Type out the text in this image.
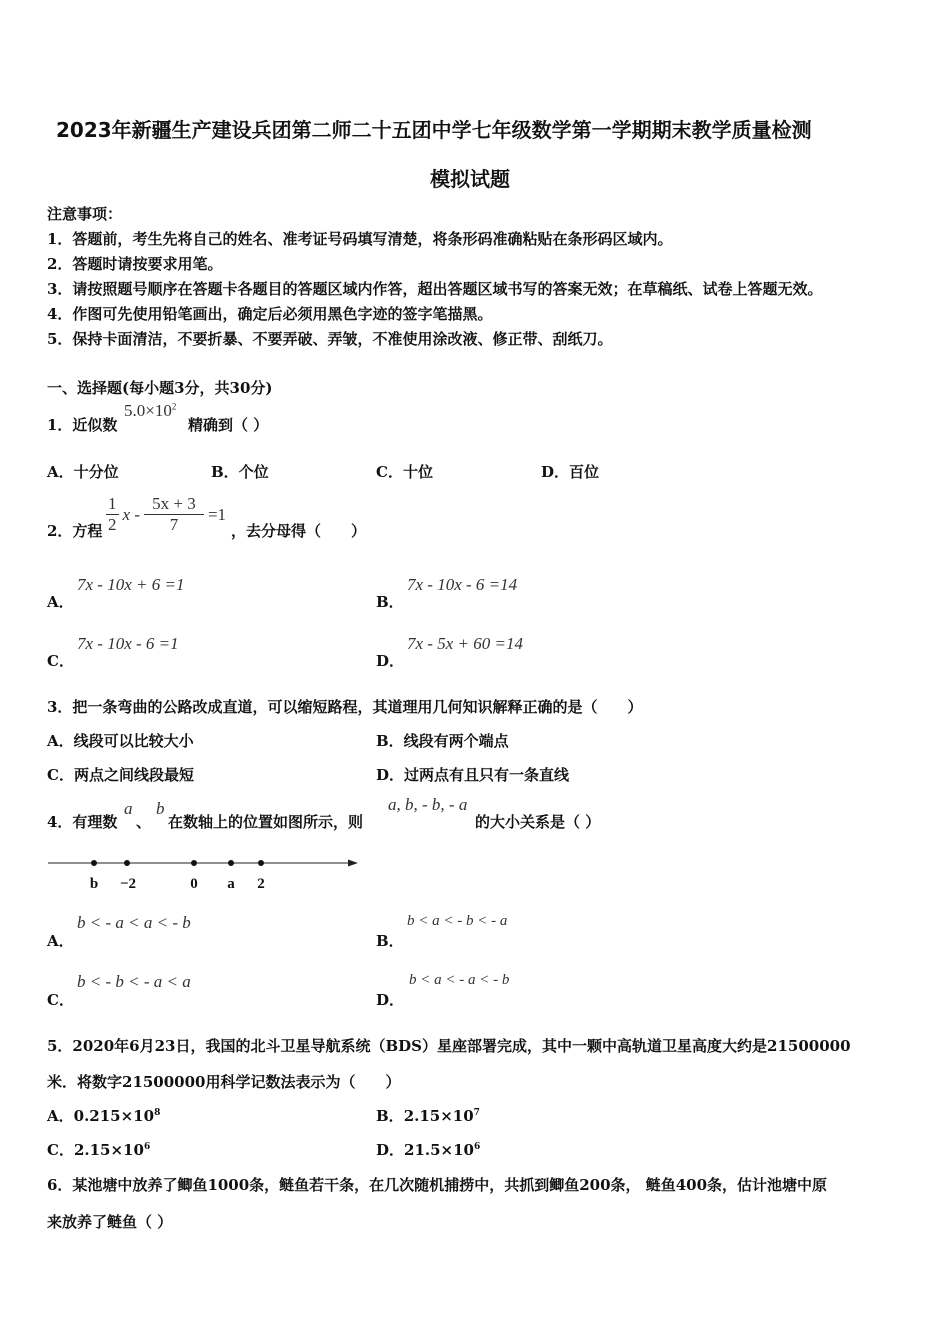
2023年新疆生产建设兵团第二师二十五团中学七年级数学第一学期期末教学质量检测
模拟试题
注意事项：
1．答题前，考生先将自己的姓名、准考证号码填写清楚，将条形码准确粘贴在条形码区域内。
2．答题时请按要求用笔。
3．请按照题号顺序在答题卡各题目的答题区域内作答，超出答题区域书写的答案无效；在草稿纸、试卷上答题无效。
4．作图可先使用铅笔画出，确定后必须用黑色字迹的签字笔描黑。
5．保持卡面清洁，不要折暴、不要弄破、弄皱，不准使用涂改液、修正带、刮纸刀。
一、选择题(每小题3分，共30分)
1．近似数
$5.0\times 10^2$
精确到（ ）
A．十分位	B．个位	C．十位	D．百位
2．方程 $\frac{1}{2}$ $x - \frac{5x + 3}{7} =1$
，去分母得（　　）
A．
7x - 10x + 6 =1
B．
7x - 10x - 6 =14
C．
7x - 10x - 6 =1
D．
7x - 5x + 60 =14
3．把一条弯曲的公路改成直道，可以缩短路程，其道理用几何知识解释正确的是（　　）
A．线段可以比较大小	B．线段有两个端点
C．两点之间线段最短	D．过两点有且只有一条直线
4．有理数
a
、
b
在数轴上的位置如图所示，则
a, b, - b, - a
的大小关系是（ ）
b −2	0 a 2
A．
b < - a < a < - b
B．
b < a < - b < - a
C．
b < - b < - a < a
D．
b < a < - a < - b
5．2020年6月23日，我国的北斗卫星导航系统（BDS）星座部署完成，其中一颗中高轨道卫星高度大约是21500000
米．将数字21500000用科学记数法表示为（　　）
A．$0.215\times 10^8$	B．$2.15\times 10^7$
C．$2.15\times 10^6$	D．$21.5\times 10^6$
6．某池塘中放养了鲫鱼1000条，鲢鱼若干条，在几次随机捕捞中，共抓到鲫鱼200条， 鲢鱼400条，估计池塘中原
来放养了鲢鱼（ ）
